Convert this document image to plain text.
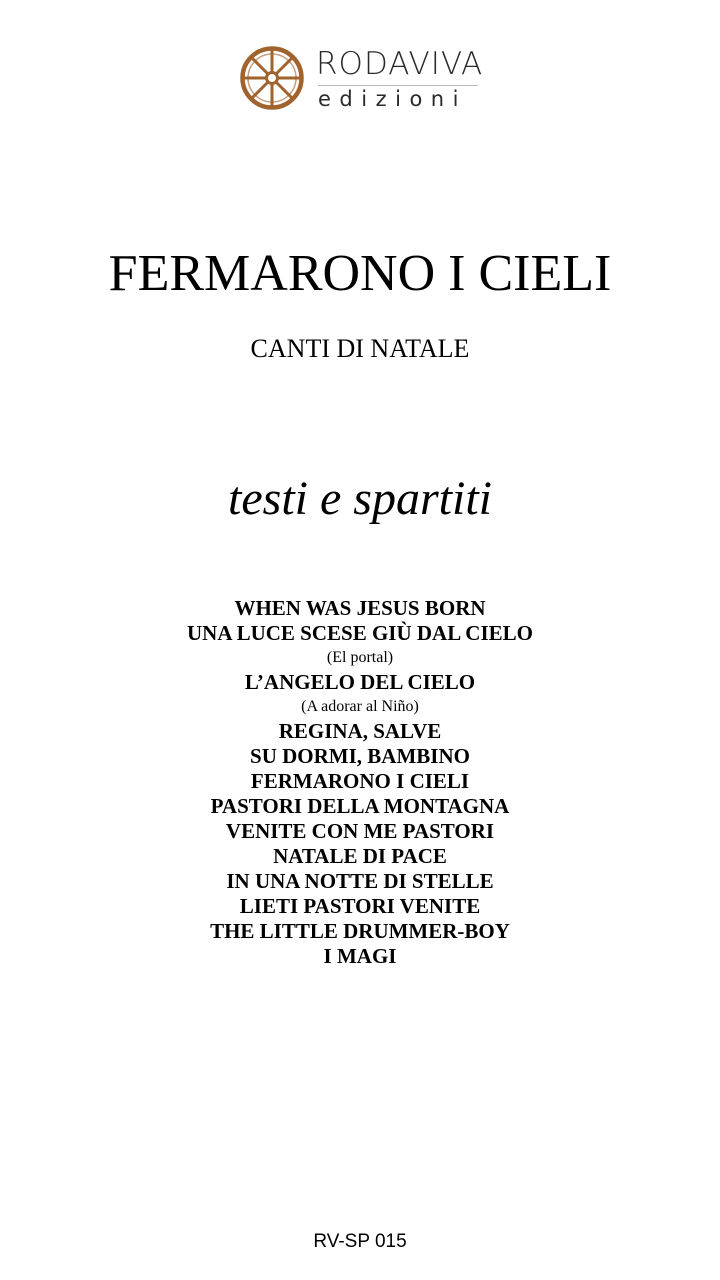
RODAVIVA
edizioni
FERMARONO I CIELI
CANTI DI NATALE
testi e spartiti
WHEN WAS JESUS BORN
UNA LUCE SCESE GIÙ DAL CIELO
(El portal)
L’ANGELO DEL CIELO
(A adorar al Niño)
REGINA, SALVE
SU DORMI, BAMBINO
FERMARONO I CIELI
PASTORI DELLA MONTAGNA
VENITE CON ME PASTORI
NATALE DI PACE
IN UNA NOTTE DI STELLE
LIETI PASTORI VENITE
THE LITTLE DRUMMER-BOY
I MAGI
RV-SP 015
